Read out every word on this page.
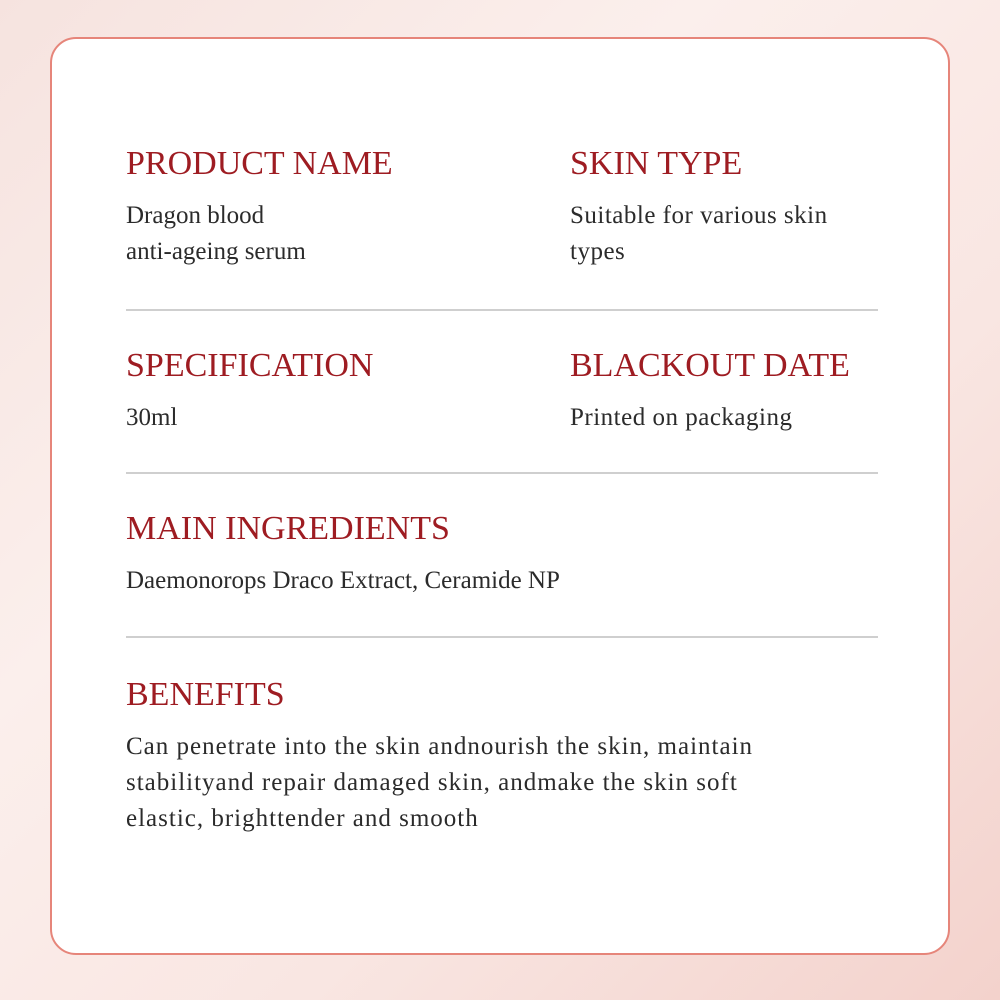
PRODUCT NAME

Dragon blood
anti-ageing serum

SKIN TYPE

Suitable for various skin
types

SPECIFICATION

30ml

BLACKOUT DATE

Printed on packaging

MAIN INGREDIENTS

Daemonorops Draco Extract, Ceramide NP

BENEFITS

Can penetrate into the skin andnourish the skin, maintain
stabilityand repair damaged skin, andmake the skin soft
elastic, brighttender and smooth
